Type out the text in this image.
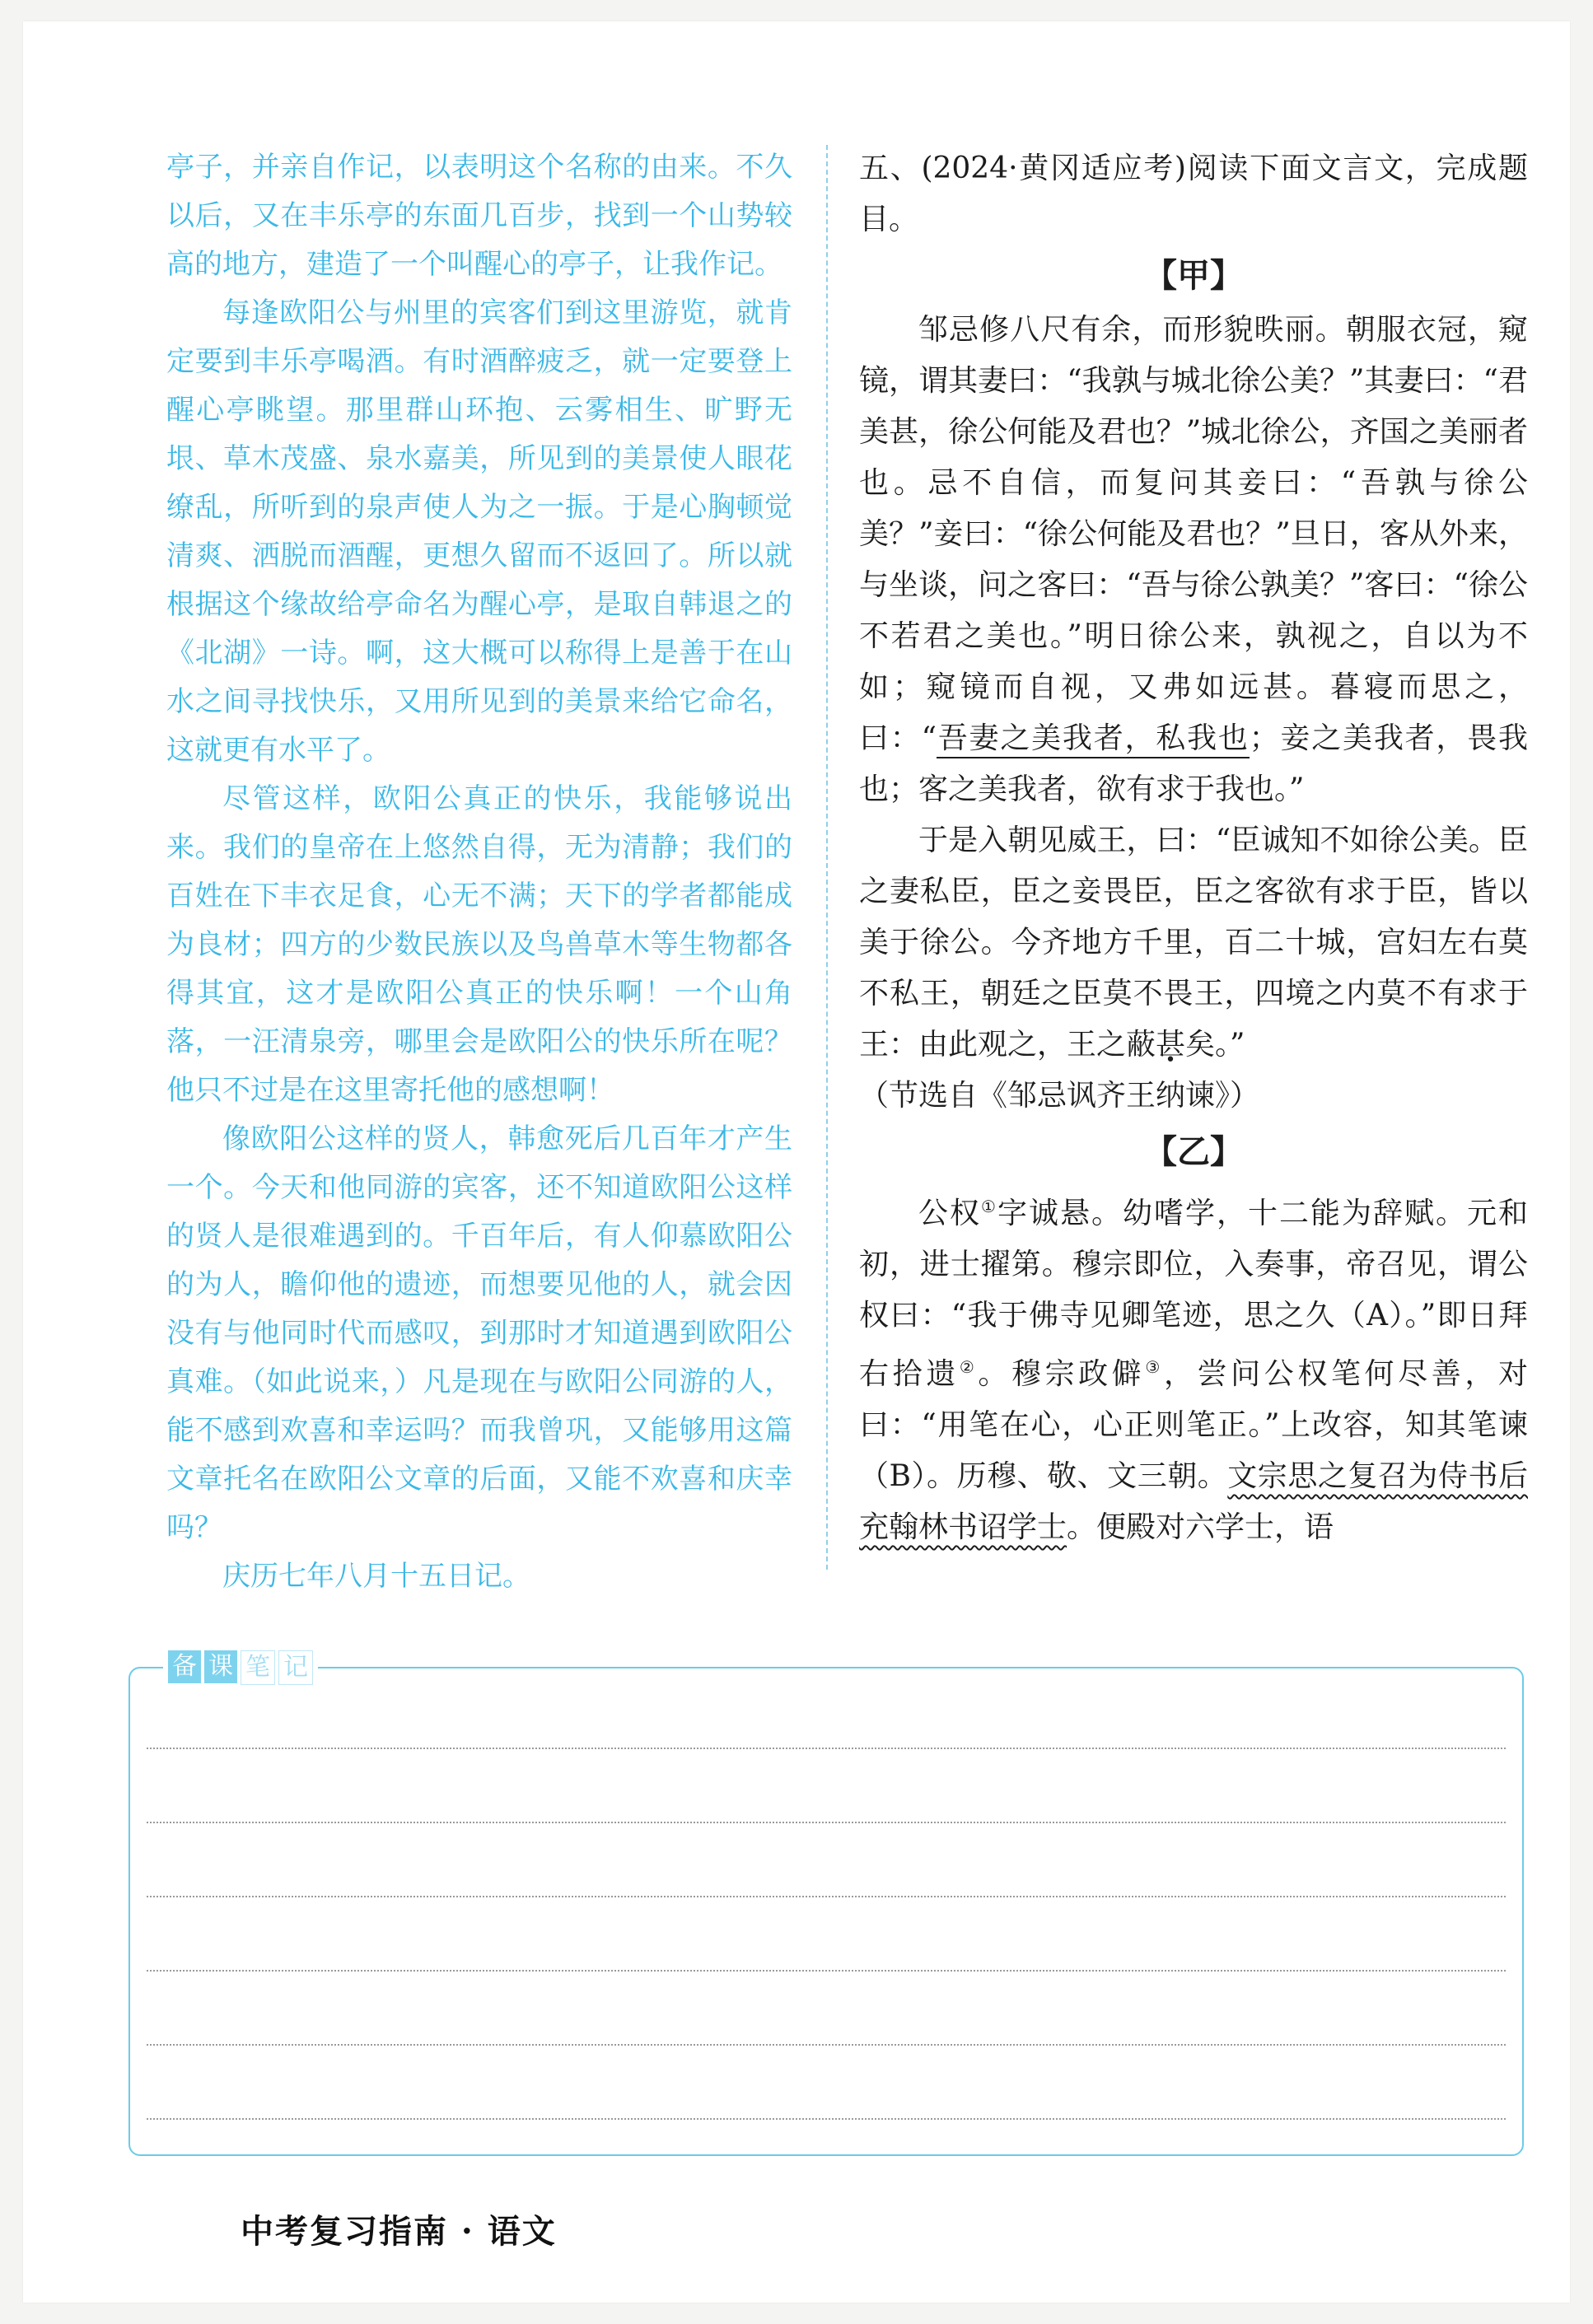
亭子，并亲自作记，以表明这个名称的由来。不久以后，又在丰乐亭的东面几百步，找到一个山势较高的地方，建造了一个叫醒心的亭子，让我作记。

每逢欧阳公与州里的宾客们到这里游览，就肯定要到丰乐亭喝酒。有时酒醉疲乏，就一定要登上醒心亭眺望。那里群山环抱、云雾相生、旷野无垠、草木茂盛、泉水嘉美，所见到的美景使人眼花缭乱，所听到的泉声使人为之一振。于是心胸顿觉清爽、洒脱而酒醒，更想久留而不返回了。所以就根据这个缘故给亭命名为醒心亭，是取自韩退之的《北湖》一诗。啊，这大概可以称得上是善于在山水之间寻找快乐，又用所见到的美景来给它命名，这就更有水平了。

尽管这样，欧阳公真正的快乐，我能够说出来。我们的皇帝在上悠然自得，无为清静；我们的百姓在下丰衣足食，心无不满；天下的学者都能成为良材；四方的少数民族以及鸟兽草木等生物都各得其宜，这才是欧阳公真正的快乐啊！一个山角落，一汪清泉旁，哪里会是欧阳公的快乐所在呢？他只不过是在这里寄托他的感想啊！

像欧阳公这样的贤人，韩愈死后几百年才产生一个。今天和他同游的宾客，还不知道欧阳公这样的贤人是很难遇到的。千百年后，有人仰慕欧阳公的为人，瞻仰他的遗迹，而想要见他的人，就会因没有与他同时代而感叹，到那时才知道遇到欧阳公真难。（如此说来，）凡是现在与欧阳公同游的人，能不感到欢喜和幸运吗？而我曾巩，又能够用这篇文章托名在欧阳公文章的后面，又能不欢喜和庆幸吗？

庆历七年八月十五日记。

五、(2024·黄冈适应考)阅读下面文言文，完成题目。

【甲】

邹忌修八尺有余，而形貌昳丽。朝服衣冠，窥镜，谓其妻曰：“我孰与城北徐公美？”其妻曰：“君美甚，徐公何能及君也？”城北徐公，齐国之美丽者也。忌不自信，而复问其妾曰：“吾孰与徐公美？”妾曰：“徐公何能及君也？”旦日，客从外来，与坐谈，问之客曰：“吾与徐公孰美？”客曰：“徐公不若君之美也。”明日徐公来，孰视之，自以为不如；窥镜而自视，又弗如远甚。暮寝而思之，曰：“吾妻之美我者，私我也；妾之美我者，畏我也；客之美我者，欲有求于我也。”

于是入朝见威王，曰：“臣诚知不如徐公美。臣之妻私臣，臣之妾畏臣，臣之客欲有求于臣，皆以美于徐公。今齐地方千里，百二十城，宫妇左右莫不私王，朝廷之臣莫不畏王，四境之内莫不有求于王：由此观之，王之蔽甚矣。”

（节选自《邹忌讽齐王纳谏》）

【乙】

公权①字诚悬。幼嗜学，十二能为辞赋。元和初，进士擢第。穆宗即位，入奏事，帝召见，谓公权曰：“我于佛寺见卿笔迹，思之久（A）。”即日拜右拾遗②。穆宗政僻③，尝问公权笔何尽善，对曰：“用笔在心，心正则笔正。”上改容，知其笔谏（B）。历穆、敬、文三朝。文宗思之复召为侍书后充翰林书诏学士。便殿对六学士，语

备 课 笔 记
中考复习指南 · 语文
